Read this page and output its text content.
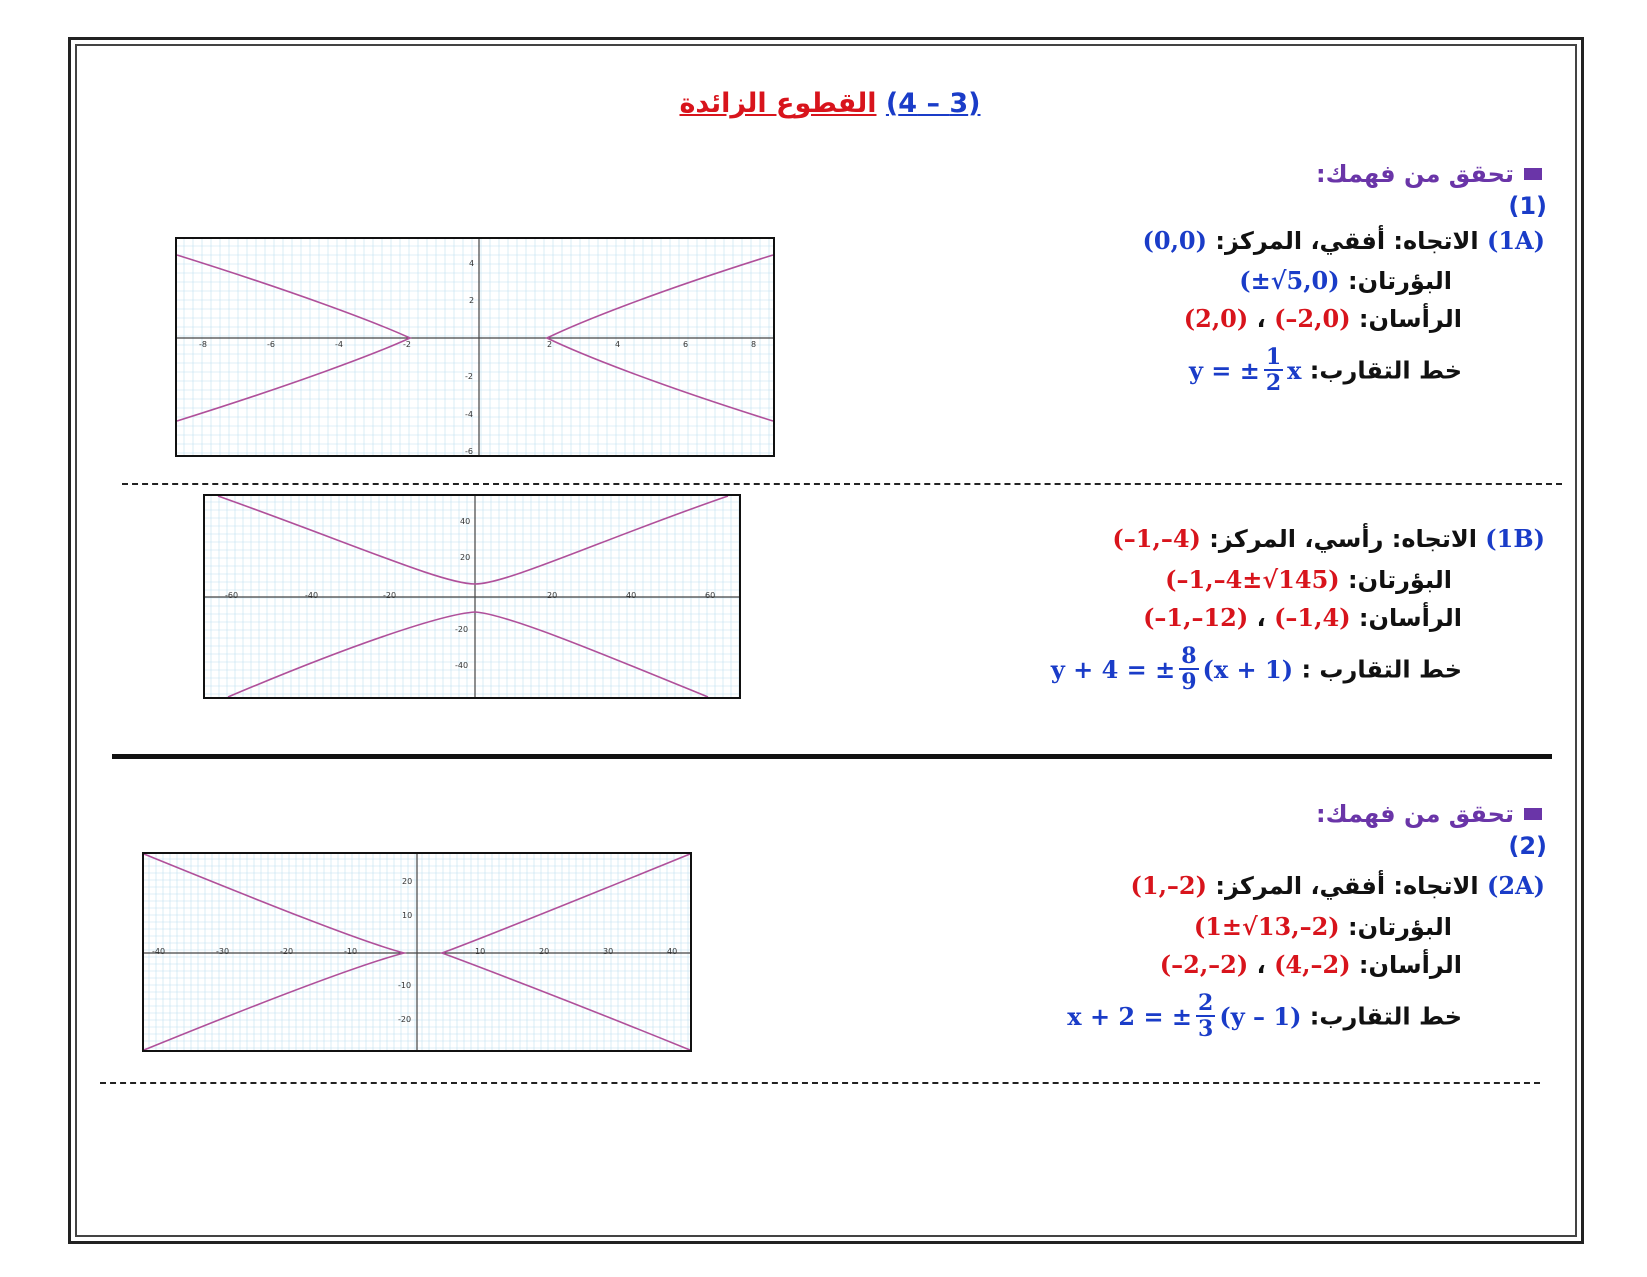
(3 – 4) القطوع الزائدة
تحقق من فهمك:
(1)
(1A) الاتجاه: أفقي، المركز: (0,0)
البؤرتان: (±√5,0)
الرأسان: (–2,0) ، (2,0)
خط التقارب:
y = ± $\frac{1}{2}$ x
-8	-6	-4	-2	2	4	6	8
4
2
-2
-4
-6
(1B) الاتجاه: رأسي، المركز: (–1,–4)
البؤرتان: (–1,–4±√145)
الرأسان: (–1,4) ، (–1,–12)
خط التقارب :
y + 4 = ± $\frac{8}{9} (x + 1)$
-60	-40	-20	20	40	60
40
20
-20
-40
تحقق من فهمك:
(2)
(2A) الاتجاه: أفقي، المركز: (1,–2)
البؤرتان: (1±√13,–2)
الرأسان: (4,–2) ، (–2,–2)
خط التقارب:
x + 2 = ± $\frac{2}{3} (y - 1)$
-40	-30	-20	-10	10	20	30	40
20
10
-10
-20
